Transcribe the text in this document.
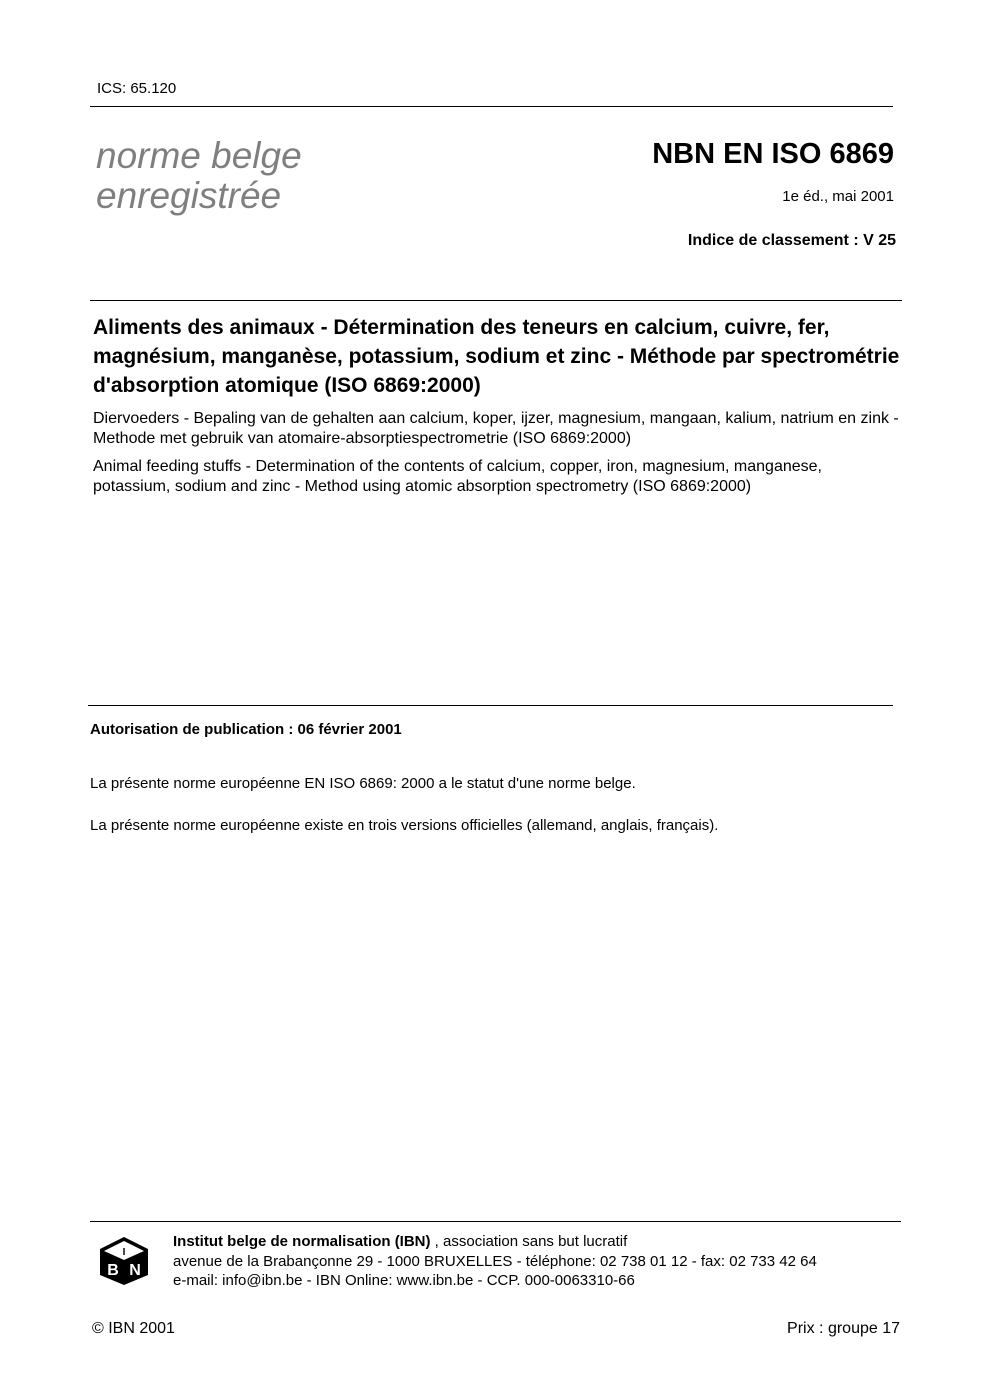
ICS: 65.120
norme belge
enregistrée
NBN EN ISO 6869
1e éd., mai 2001
Indice de classement : V 25
Aliments des animaux - Détermination des teneurs en calcium, cuivre, fer, magnésium, manganèse, potassium, sodium et zinc - Méthode par spectrométrie d'absorption atomique (ISO 6869:2000)
Diervoeders - Bepaling van de gehalten aan calcium, koper, ijzer, magnesium, mangaan, kalium, natrium en zink - Methode met gebruik van atomaire-absorptiespectrometrie (ISO 6869:2000)
Animal feeding stuffs - Determination of the contents of calcium, copper, iron, magnesium, manganese, potassium, sodium and zinc - Method using atomic absorption spectrometry (ISO 6869:2000)
Autorisation de publication : 06 février 2001
La présente norme européenne EN ISO 6869: 2000 a le statut d'une norme belge.
La présente norme européenne existe en trois versions officielles (allemand, anglais, français).
I
B N
Institut belge de normalisation (IBN) , association sans but lucratif
avenue de la Brabançonne 29 - 1000 BRUXELLES - téléphone: 02 738 01 12 - fax: 02 733 42 64
e-mail: info@ibn.be - IBN Online: www.ibn.be - CCP. 000-0063310-66
© IBN 2001	Prix : groupe 17
